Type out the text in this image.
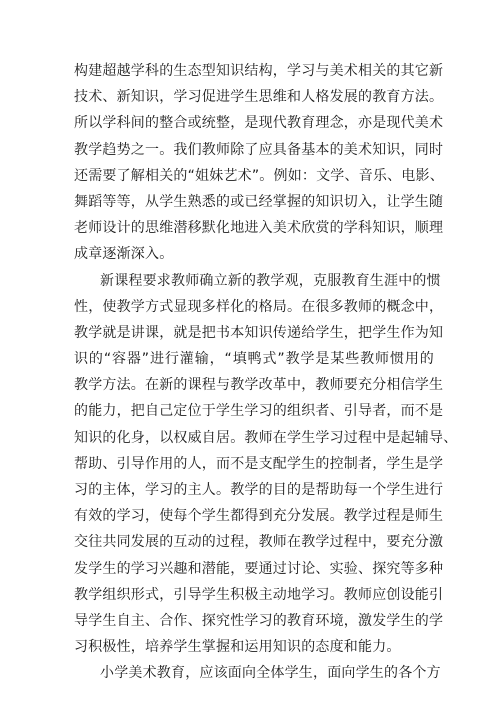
构建超越学科的生态型知识结构，学习与美术相关的其它新
技术、新知识，学习促进学生思维和人格发展的教育方法。
所以学科间的整合或统整，是现代教育理念，亦是现代美术
教学趋势之一。我们教师除了应具备基本的美术知识，同时
还需要了解相关的“姐妹艺术”。例如：文学、音乐、电影、
舞蹈等等，从学生熟悉的或已经掌握的知识切入，让学生随
老师设计的思维潜移默化地进入美术欣赏的学科知识，顺理
成章逐渐深入。
新课程要求教师确立新的教学观，克服教育生涯中的惯
性，使教学方式显现多样化的格局。在很多教师的概念中，
教学就是讲课，就是把书本知识传递给学生，把学生作为知
识的“容器”进行灌输，“填鸭式”教学是某些教师惯用的
教学方法。在新的课程与教学改革中，教师要充分相信学生
的能力，把自己定位于学生学习的组织者、引导者，而不是
知识的化身，以权威自居。教师在学生学习过程中是起辅导、
帮助、引导作用的人，而不是支配学生的控制者，学生是学
习的主体，学习的主人。教学的目的是帮助每一个学生进行
有效的学习，使每个学生都得到充分发展。教学过程是师生
交往共同发展的互动的过程，教师在教学过程中，要充分激
发学生的学习兴趣和潜能，要通过讨论、实验、探究等多种
教学组织形式，引导学生积极主动地学习。教师应创设能引
导学生自主、合作、探究性学习的教育环境，激发学生的学
习积极性，培养学生掌握和运用知识的态度和能力。
小学美术教育，应该面向全体学生，面向学生的各个方
